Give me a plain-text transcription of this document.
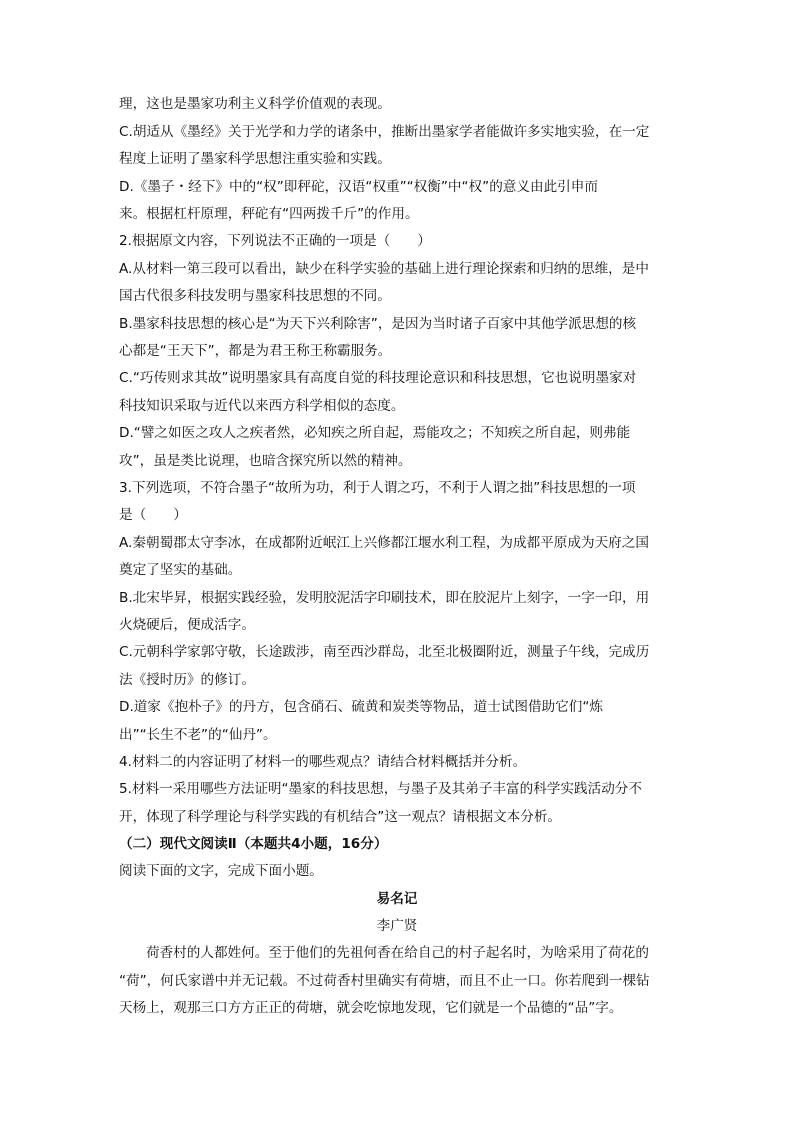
理，这也是墨家功利主义科学价值观的表现。
C.胡适从《墨经》关于光学和力学的诸条中，推断出墨家学者能做许多实地实验，在一定
程度上证明了墨家科学思想注重实验和实践。
D.《墨子・经下》中的“权”即秤砣，汉语“权重”“权衡”中“权”的意义由此引申而
来。根据杠杆原理，秤砣有“四两拨千斤”的作用。
2.根据原文内容，下列说法不正确的一项是（　　）
A.从材料一第三段可以看出，缺少在科学实验的基础上进行理论探索和归纳的思维，是中
国古代很多科技发明与墨家科技思想的不同。
B.墨家科技思想的核心是“为天下兴利除害”，是因为当时诸子百家中其他学派思想的核
心都是“王天下”，都是为君王称王称霸服务。
C.“巧传则求其故”说明墨家具有高度自觉的科技理论意识和科技思想，它也说明墨家对
科技知识采取与近代以来西方科学相似的态度。
D.“譬之如医之攻人之疾者然，必知疾之所自起，焉能攻之；不知疾之所自起，则弗能
攻”，虽是类比说理，也暗含探究所以然的精神。
3.下列选项，不符合墨子“故所为功，利于人谓之巧，不利于人谓之拙”科技思想的一项
是（　　）
A.秦朝蜀郡太守李冰，在成都附近岷江上兴修都江堰水利工程，为成都平原成为天府之国
奠定了坚实的基础。
B.北宋毕昇，根据实践经验，发明胶泥活字印刷技术，即在胶泥片上刻字，一字一印，用
火烧硬后，便成活字。
C.元朝科学家郭守敬，长途跋涉，南至西沙群岛，北至北极圈附近，测量子午线，完成历
法《授时历》的修订。
D.道家《抱朴子》的丹方，包含硝石、硫黄和炭类等物品，道士试图借助它们“炼
出”“长生不老”的“仙丹”。
4.材料二的内容证明了材料一的哪些观点？请结合材料概括并分析。
5.材料一采用哪些方法证明“墨家的科技思想，与墨子及其弟子丰富的科学实践活动分不
开，体现了科学理论与科学实践的有机结合”这一观点？请根据文本分析。
（二）现代文阅读Ⅱ（本题共4小题，16分）
阅读下面的文字，完成下面小题。
易名记
李广贤
荷香村的人都姓何。至于他们的先祖何香在给自己的村子起名时，为啥采用了荷花的
“荷”，何氏家谱中并无记载。不过荷香村里确实有荷塘，而且不止一口。你若爬到一棵钻
天杨上，观那三口方方正正的荷塘，就会吃惊地发现，它们就是一个品德的“品”字。
